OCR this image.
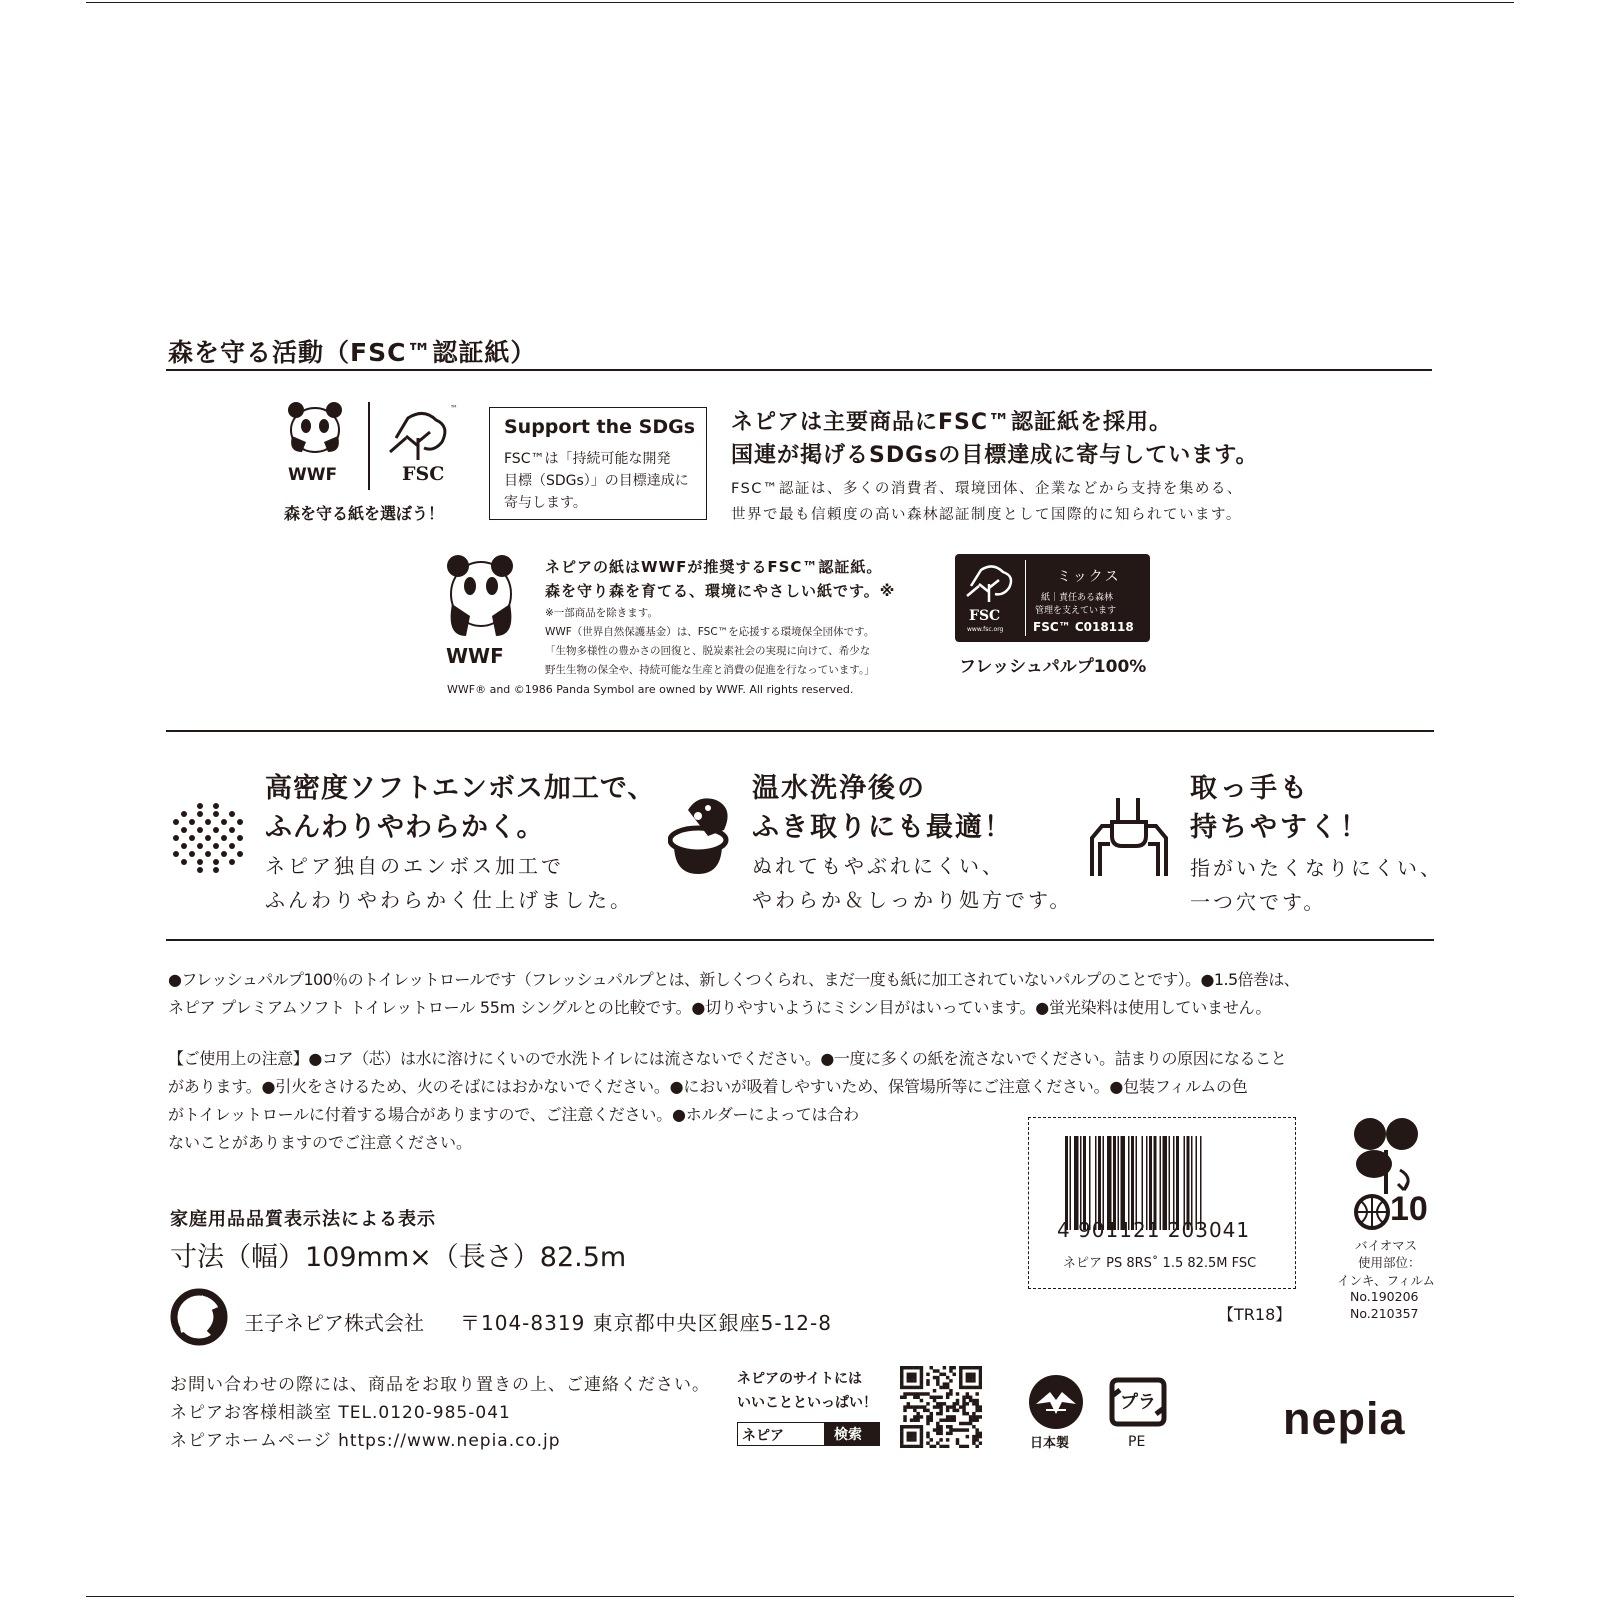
森を守る活動（FSC™認証紙）
WWF
™
FSC
森を守る紙を選ぼう！
Support the SDGs
FSC™は「持続可能な開発
目標（SDGs）」の目標達成に
寄与します。
ネピアは主要商品にFSC™認証紙を採用。
国連が掲げるSDGsの目標達成に寄与しています。
FSC™認証は、多くの消費者、環境団体、企業などから支持を集める、
世界で最も信頼度の高い森林認証制度として国際的に知られています。
WWF
ネピアの紙はWWFが推奨するFSC™認証紙。
森を守り森を育てる、環境にやさしい紙です。※
※一部商品を除きます。
WWF（世界自然保護基金）は、FSC™を応援する環境保全団体です。
「生物多様性の豊かさの回復と、脱炭素社会の実現に向けて、希少な
野生生物の保全や、持続可能な生産と消費の促進を行なっています。」
WWF® and ©1986 Panda Symbol are owned by WWF. All rights reserved.
FSC
www.fsc.org
ミックス
紙｜責任ある森林
管理を支えています
FSC™ C018118
フレッシュパルプ100%
高密度ソフトエンボス加工で、
ふんわりやわらかく。
ネピア独自のエンボス加工で
ふんわりやわらかく仕上げました。
温水洗浄後の
ふき取りにも最適！
ぬれてもやぶれにくい、
やわらか＆しっかり処方です。
取っ手も
持ちやすく！
指がいたくなりにくい、
一つ穴です。
●フレッシュパルプ100％のトイレットロールです（フレッシュパルプとは、新しくつくられ、まだ一度も紙に加工されていないパルプのことです）。●1.5倍巻は、
ネピア プレミアムソフト トイレットロール 55m シングルとの比較です。●切りやすいようにミシン目がはいっています。●蛍光染料は使用していません。
【ご使用上の注意】●コア（芯）は水に溶けにくいので水洗トイレには流さないでください。●一度に多くの紙を流さないでください。詰まりの原因になること
があります。●引火をさけるため、火のそばにはおかないでください。●においが吸着しやすいため、保管場所等にご注意ください。●包装フィルムの色
がトイレットロールに付着する場合がありますので、ご注意ください。●ホルダーによっては合わ
ないことがありますのでご注意ください。
家庭用品品質表示法による表示
寸法（幅）109mm×（長さ）82.5m
4 901121 203041
ネピア PS 8RS˚ 1.5 82.5M FSC
【TR18】
10
バイオマス
使用部位：
インキ、フィルム
No.190206
No.210357
王子ネピア株式会社 〒104-8319 東京都中央区銀座5-12-8
お問い合わせの際には、商品をお取り置きの上、ご連絡ください。
ネピアお客様相談室 TEL.0120-985-041
ネピアホームページ https://www.nepia.co.jp
ネピアのサイトには
いいことといっぱい！
ネピア	検索
日本製
プラ
PE	nepia
